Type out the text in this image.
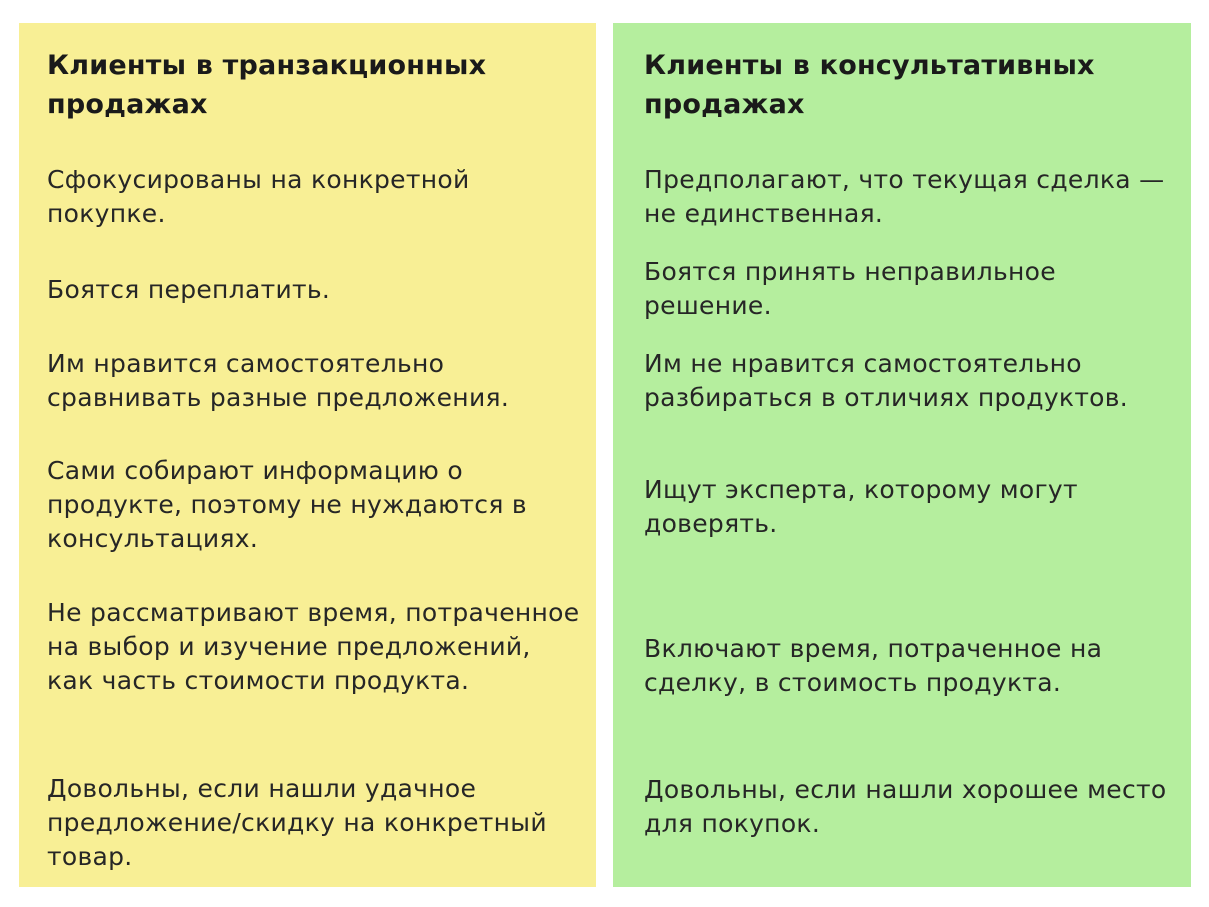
Клиенты в транзакционных продажах

Сфокусированы на конкретной покупке.

Боятся переплатить.

Им нравится самостоятельно сравнивать разные предложения.

Сами собирают информацию о продукте, поэтому не нуждаются в консультациях.

Не рассматривают время, потраченное на выбор и изучение предложений, как часть стоимости продукта.

Довольны, если нашли удачное предложение/скидку на конкретный товар.

Клиенты в консультативных продажах

Предполагают, что текущая сделка — не единственная.

Боятся принять неправильное решение.

Им не нравится самостоятельно разбираться в отличиях продуктов.

Ищут эксперта, которому могут доверять.

Включают время, потраченное на сделку, в стоимость продукта.

Довольны, если нашли хорошее место для покупок.
